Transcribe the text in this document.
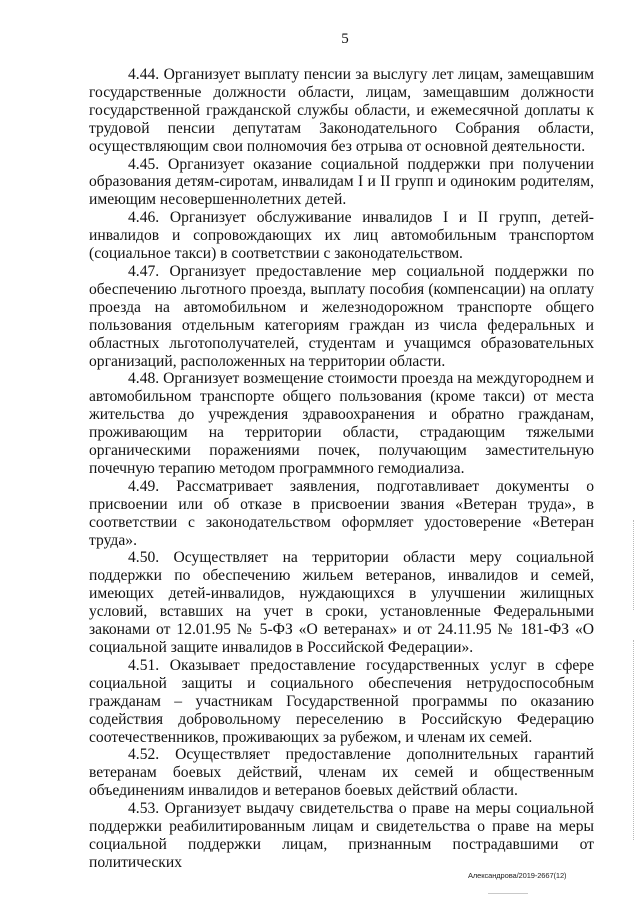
5

4.44. Организует выплату пенсии за выслугу лет лицам, замещавшим государственные должности области, лицам, замещавшим должности государственной гражданской службы области, и ежемесячной доплаты к трудовой пенсии депутатам Законодательного Собрания области, осуществляющим свои полномочия без отрыва от основной деятельности.

4.45. Организует оказание социальной поддержки при получении образования детям-сиротам, инвалидам I и II групп и одиноким родителям, имеющим несовершеннолетних детей.

4.46. Организует обслуживание инвалидов I и II групп, детей-инвалидов и сопровождающих их лиц автомобильным транспортом (социальное такси) в соответствии с законодательством.

4.47. Организует предоставление мер социальной поддержки по обеспечению льготного проезда, выплату пособия (компенсации) на оплату проезда на автомобильном и железнодорожном транспорте общего пользования отдельным категориям граждан из числа федеральных и областных льготополучателей, студентам и учащимся образовательных организаций, расположенных на территории области.

4.48. Организует возмещение стоимости проезда на междугороднем и автомобильном транспорте общего пользования (кроме такси) от места жительства до учреждения здравоохранения и обратно гражданам, проживающим на территории области, страдающим тяжелыми органическими поражениями почек, получающим заместительную почечную терапию методом программного гемодиализа.

4.49. Рассматривает заявления, подготавливает документы о присвоении или об отказе в присвоении звания «Ветеран труда», в соответствии с законодательством оформляет удостоверение «Ветеран труда».

4.50. Осуществляет на территории области меру социальной поддержки по обеспечению жильем ветеранов, инвалидов и семей, имеющих детей-инвалидов, нуждающихся в улучшении жилищных условий, вставших на учет в сроки, установленные Федеральными законами от 12.01.95 № 5-ФЗ «О ветеранах» и от 24.11.95 № 181-ФЗ «О социальной защите инвалидов в Российской Федерации».

4.51. Оказывает предоставление государственных услуг в сфере социальной защиты и социального обеспечения нетрудоспособным гражданам – участникам Государственной программы по оказанию содействия добровольному переселению в Российскую Федерацию соотечественников, проживающих за рубежом, и членам их семей.

4.52. Осуществляет предоставление дополнительных гарантий ветеранам боевых действий, членам их семей и общественным объединениям инвалидов и ветеранов боевых действий области.

4.53. Организует выдачу свидетельства о праве на меры социальной поддержки реабилитированным лицам и свидетельства о праве на меры социальной поддержки лицам, признанным пострадавшими от политических

Александрова/2019-2667(12)
